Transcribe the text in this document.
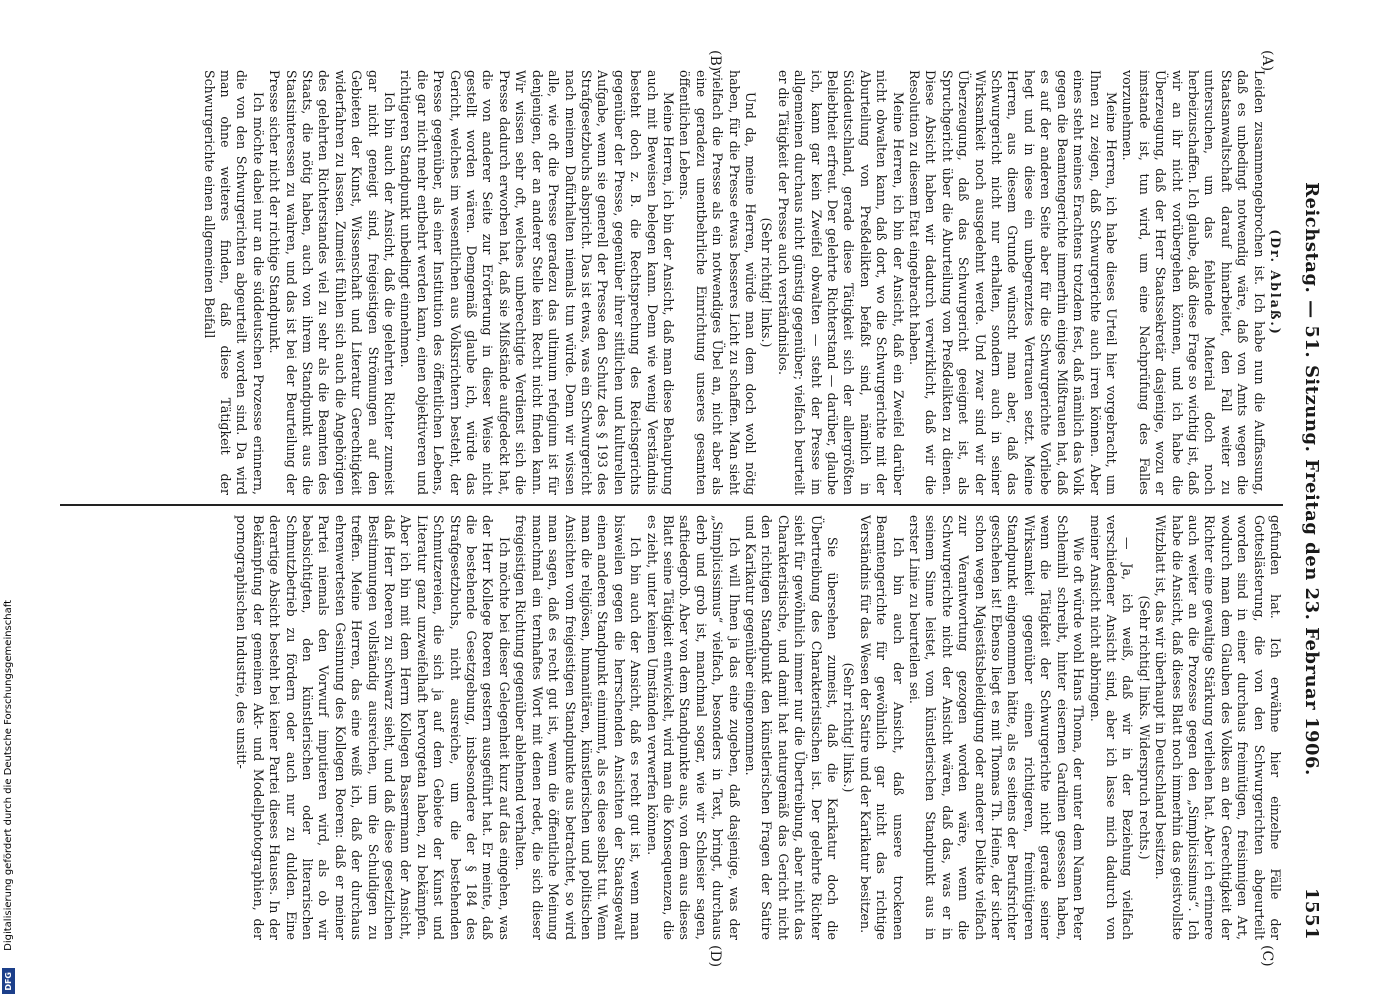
Reichstag. — 51. Sitzung. Freitag den 23. Februar 1906.
1551
(A)
(B)
(C)
(D)

(Dr. Ablaß.)

Leiden zusammengebrochen ist. Ich habe nun die Auffassung, daß es unbedingt notwendig wäre, daß von Amts wegen die Staatsanwaltschaft darauf hinarbeitet, den Fall weiter zu untersuchen, um das fehlende Material doch noch herbeizuschaffen. Ich glaube, daß diese Frage so wichtig ist, daß wir an ihr nicht vorübergehen können, und ich habe die Überzeugung, daß der Herr Staatssekretär dasjenige, wozu er imstande ist, tun wird, um eine Nachprüfung des Falles vorzunehmen.

Meine Herren, ich habe dieses Urteil hier vorgebracht, um Ihnen zu zeigen, daß Schwurgerichte auch irren können. Aber eines steht meines Erachtens trotzdem fest, daß nämlich das Volk gegen die Beamtengerichte immerhin einiges Mißtrauen hat, daß es auf der anderen Seite aber für die Schwurgerichte Vorliebe hegt und in diese ein unbegrenztes Vertrauen setzt. Meine Herren, aus diesem Grunde wünscht man aber, daß das Schwurgericht nicht nur erhalten, sondern auch in seiner Wirksamkeit noch ausgedehnt werde. Und zwar sind wir der Überzeugung, daß das Schwurgericht geeignet ist, als Spruchgericht über die Aburteilung von Preßdelikten zu dienen. Diese Absicht haben wir dadurch verwirklicht, daß wir die Resolution zu diesem Etat eingebracht haben.

Meine Herren, ich bin der Ansicht, daß ein Zweifel darüber nicht obwalten kann, daß dort, wo die Schwurgerichte mit der Aburteilung von Preßdelikten befaßt sind, nämlich in Süddeutschland, gerade diese Tätigkeit sich der allergrößten Beliebtheit erfreut. Der gelehrte Richterstand — darüber, glaube ich, kann gar kein Zweifel obwalten — steht der Presse im allgemeinen durchaus nicht günstig gegenüber; vielfach beurteilt er die Tätigkeit der Presse auch verständnislos.

(Sehr richtig! links.)

Und da, meine Herren, würde man dem doch wohl nötig haben, für die Presse etwas besseres Licht zu schaffen. Man sieht vielfach die Presse als ein notwendiges Übel an, nicht aber als eine geradezu unentbehrliche Einrichtung unseres gesamten öffentlichen Lebens.

Meine Herren, ich bin der Ansicht, daß man diese Behauptung auch mit Beweisen belegen kann. Denn wie wenig Verständnis besteht doch z. B. die Rechtsprechung des Reichsgerichts gegenüber der Presse, gegenüber ihrer sittlichen und kulturellen Aufgabe, wenn sie generell der Presse den Schutz des § 193 des Strafgesetzbuchs abspricht. Das ist etwas, was ein Schwurgericht nach meinem Dafürhalten niemals tun würde. Denn wir wissen alle, wie oft die Presse geradezu das ultimum refugium ist für denjenigen, der an anderer Stelle kein Recht nicht finden kann. Wir wissen sehr oft, welches unberechtigte Verdienst sich die Presse dadurch erworben hat, daß sie Mißstände aufgedeckt hat, die von anderer Seite zur Erörterung in dieser Weise nicht gestellt worden wären. Demgemäß glaube ich, würde das Gericht, welches im wesentlichen aus Volksrichtern besteht, der Presse gegenüber, als einer Institution des öffentlichen Lebens, die gar nicht mehr entbehrt werden kann, einen objektiveren und richtigeren Standpunkt unbedingt einnehmen.

Ich bin auch der Ansicht, daß die gelehrten Richter zumeist gar nicht geneigt sind, freigeistigen Strömungen auf den Gebieten der Kunst, Wissenschaft und Literatur Gerechtigkeit widerfahren zu lassen. Zumeist fühlen sich auch die Angehörigen des gelehrten Richterstandes viel zu sehr als die Beamten des Staats, die nötig haben, auch von ihrem Standpunkt aus die Staatsinteressen zu wahren, und das ist bei der Beurteilung der Presse sicher nicht der richtige Standpunkt.

Ich möchte dabei nur an die süddeutschen Prozesse erinnern, die von den Schwurgerichten abgeurteilt worden sind. Da wird man ohne weiteres finden, daß diese Tätigkeit der Schwurgerichte einen allgemeinen Beifall

gefunden hat. Ich erwähne hier einzelne Fälle der Gotteslästerung, die von den Schwurgerichten abgeurteilt worden sind in einer durchaus freimütigen, freisinnigen Art, wodurch man dem Glauben des Volkes an der Gerechtigkeit der Richter eine gewaltige Stärkung verliehen hat. Aber ich erinnere auch weiter an die Prozesse gegen den „Simplicissimus“. Ich habe die Ansicht, daß dieses Blatt noch immerhin das geistvollste Witzblatt ist, das wir überhaupt in Deutschland besitzen.

(Sehr richtig! links. Widerspruch rechts.)

— Ja, ich weiß, daß wir in der Beziehung vielfach verschiedener Ansicht sind, aber ich lasse mich dadurch von meiner Ansicht nicht abbringen.

Wie oft würde wohl Hans Thoma, der unter dem Namen Peter Schlemihl schreibt, hinter eisernen Gardinen gesessen haben, wenn die Tätigkeit der Schwurgerichte nicht gerade seiner Wirksamkeit gegenüber einen richtigeren, freimütigeren Standpunkt eingenommen hätte, als es seitens der Berufsrichter geschehen ist! Ebenso liegt es mit Thomas Th. Heine, der sicher schon wegen Majestätsbeleidigung oder anderer Delikte vielfach zur Verantwortung gezogen worden wäre, wenn die Schwurgerichte nicht der Ansicht wären, daß das, was er in seinem Sinne leistet, vom künstlerischen Standpunkt aus in erster Linie zu beurteilen sei.

Ich bin auch der Ansicht, daß unsere trockenen Beamtengerichte für gewöhnlich gar nicht das richtige Verständnis für das Wesen der Satire und der Karikatur besitzen.

(Sehr richtig! links.)

Sie übersehen zumeist, daß die Karikatur doch die Übertreibung des Charakteristischen ist. Der gelehrte Richter sieht für gewöhnlich immer nur die Übertreibung, aber nicht das Charakteristische, und damit hat naturgemäß das Gericht nicht den richtigen Standpunkt den künstlerischen Fragen der Satire und Karikatur gegenüber eingenommen.

Ich will Ihnen ja das eine zugeben, daß dasjenige, was der „Simplicissimus“ vielfach, besonders in Text, bringt, durchaus derb und grob ist, manchmal sogar, wie wir Schlesier sagen, saftiedegrob. Aber von dem Standpunkte aus, von dem aus dieses Blatt seine Tätigkeit entwickelt, wird man die Konsequenzen, die es zieht, unter keinen Umständen verwerfen können.

Ich bin auch der Ansicht, daß es recht gut ist, wenn man bisweilen gegen die herrschenden Ansichten der Staatsgewalt einen anderen Standpunkt einnimmt, als es diese selbst tut. Wenn man die religiösen, humanitären, künstlerischen und politischen Ansichten vom freigeistigen Standpunkte aus betrachtet, so wird man sagen, daß es recht gut ist, wenn die öffentliche Meinung manchmal ein ternhaftes Wort mit denen redet, die sich dieser freigeistigen Richtung gegenüber ablehnend verhalten.

Ich möchte bei dieser Gelegenheit kurz auf das eingehen, was der Herr Kollege Roeren gestern ausgeführt hat. Er meinte, daß die bestehende Gesetzgebung, insbesondere der § 184 des Strafgesetzbuchs, nicht ausreiche, um die bestehenden Schmutzereien, die sich ja auf dem Gebiete der Kunst und Literatur ganz unzweifelhaft hervorgetan haben, zu bekämpfen. Aber ich bin mit dem Herrn Kollegen Bassermann der Ansicht, daß Herr Roeren zu schwarz sieht, und daß diese gesetzlichen Bestimmungen vollständig ausreichen, um die Schuldigen zu treffen. Meine Herren, das eine weiß ich, daß der durchaus ehrenwertesten Gesinnung des Kollegen Roeren: daß er meiner Partei niemals den Vorwurf imputieren wird, als ob wir beabsichtigten, den künstlerischen oder literarischen Schmutzbetrieb zu fördern oder auch nur zu dulden. Eine derartige Absicht besteht bei keiner Partei dieses Hauses. In der Bekämpfung der gemeinen Akt- und Modellphotographien, der pornographischen Industrie, des unsitt-

Digitalisierung gefördert durch die Deutsche Forschungsgemeinschaft
DFG
